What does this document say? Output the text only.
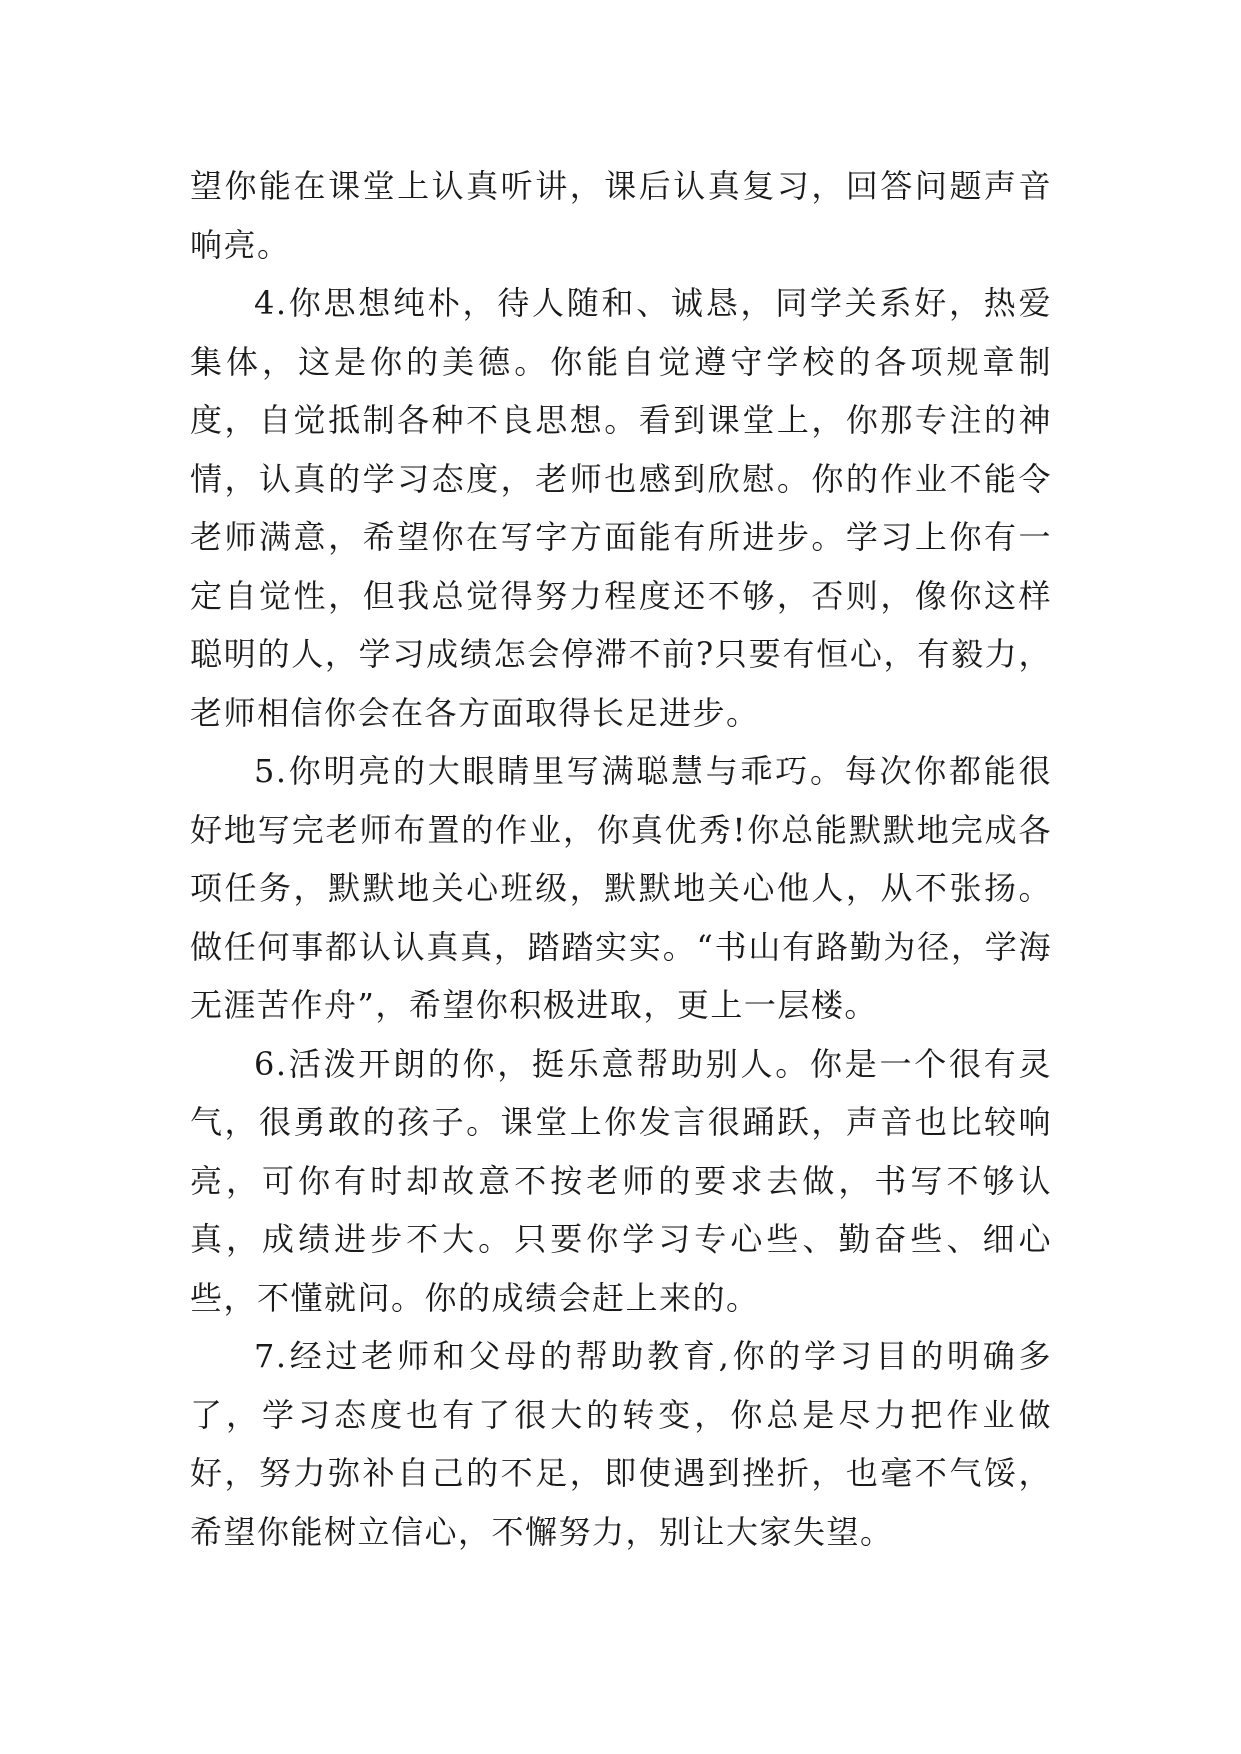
望你能在课堂上认真听讲，课后认真复习，回答问题声音响亮。

4.你思想纯朴，待人随和、诚恳，同学关系好，热爱集体，这是你的美德。你能自觉遵守学校的各项规章制度，自觉抵制各种不良思想。看到课堂上，你那专注的神情，认真的学习态度，老师也感到欣慰。你的作业不能令老师满意，希望你在写字方面能有所进步。学习上你有一定自觉性，但我总觉得努力程度还不够，否则，像你这样聪明的人，学习成绩怎会停滞不前?只要有恒心，有毅力，老师相信你会在各方面取得长足进步。

5.你明亮的大眼睛里写满聪慧与乖巧。每次你都能很好地写完老师布置的作业，你真优秀!你总能默默地完成各项任务，默默地关心班级，默默地关心他人，从不张扬。做任何事都认认真真，踏踏实实。“书山有路勤为径，学海无涯苦作舟”，希望你积极进取，更上一层楼。

6.活泼开朗的你，挺乐意帮助别人。你是一个很有灵气，很勇敢的孩子。课堂上你发言很踊跃，声音也比较响亮，可你有时却故意不按老师的要求去做，书写不够认真，成绩进步不大。只要你学习专心些、勤奋些、细心些，不懂就问。你的成绩会赶上来的。

7.经过老师和父母的帮助教育,你的学习目的明确多了，学习态度也有了很大的转变，你总是尽力把作业做好，努力弥补自己的不足，即使遇到挫折，也毫不气馁，希望你能树立信心，不懈努力，别让大家失望。
